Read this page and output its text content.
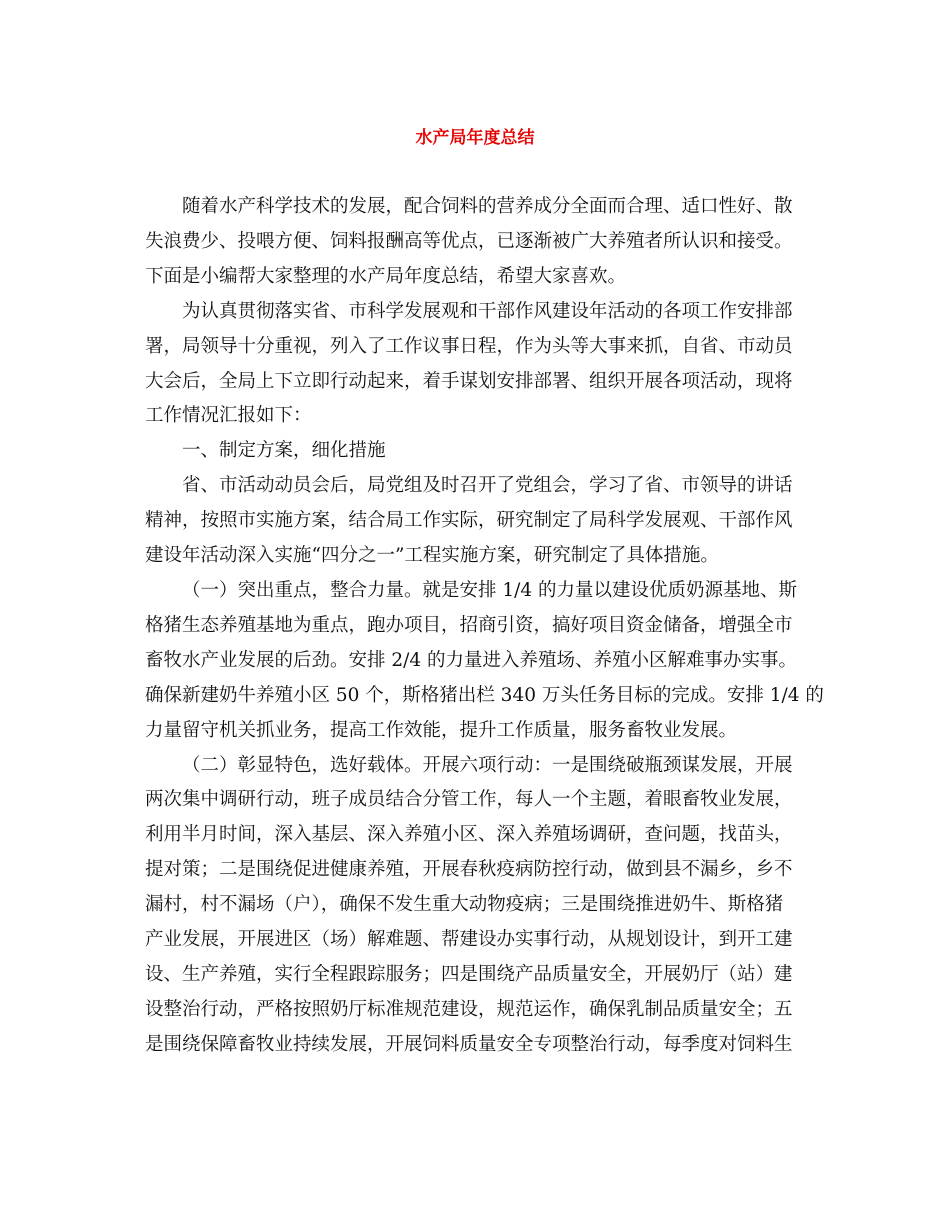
水产局年度总结

随着水产科学技术的发展，配合饲料的营养成分全面而合理、适口性好、散
失浪费少、投喂方便、饲料报酬高等优点，已逐渐被广大养殖者所认识和接受。
下面是小编帮大家整理的水产局年度总结，希望大家喜欢。

为认真贯彻落实省、市科学发展观和干部作风建设年活动的各项工作安排部
署，局领导十分重视，列入了工作议事日程，作为头等大事来抓，自省、市动员
大会后，全局上下立即行动起来，着手谋划安排部署、组织开展各项活动，现将
工作情况汇报如下：

一、制定方案，细化措施

省、市活动动员会后，局党组及时召开了党组会，学习了省、市领导的讲话
精神，按照市实施方案，结合局工作实际，研究制定了局科学发展观、干部作风
建设年活动深入实施“四分之一”工程实施方案，研究制定了具体措施。

（一）突出重点，整合力量。就是安排 1/4 的力量以建设优质奶源基地、斯
格猪生态养殖基地为重点，跑办项目，招商引资，搞好项目资金储备，增强全市
畜牧水产业发展的后劲。安排 2/4 的力量进入养殖场、养殖小区解难事办实事。
确保新建奶牛养殖小区 50 个，斯格猪出栏 340 万头任务目标的完成。安排 1/4 的
力量留守机关抓业务，提高工作效能，提升工作质量，服务畜牧业发展。

（二）彰显特色，选好载体。开展六项行动：一是围绕破瓶颈谋发展，开展
两次集中调研行动，班子成员结合分管工作，每人一个主题，着眼畜牧业发展，
利用半月时间，深入基层、深入养殖小区、深入养殖场调研，查问题，找苗头，
提对策；二是围绕促进健康养殖，开展春秋疫病防控行动，做到县不漏乡，乡不
漏村，村不漏场（户），确保不发生重大动物疫病；三是围绕推进奶牛、斯格猪
产业发展，开展进区（场）解难题、帮建设办实事行动，从规划设计，到开工建
设、生产养殖，实行全程跟踪服务；四是围绕产品质量安全，开展奶厅（站）建
设整治行动，严格按照奶厅标准规范建设，规范运作，确保乳制品质量安全；五
是围绕保障畜牧业持续发展，开展饲料质量安全专项整治行动，每季度对饲料生
